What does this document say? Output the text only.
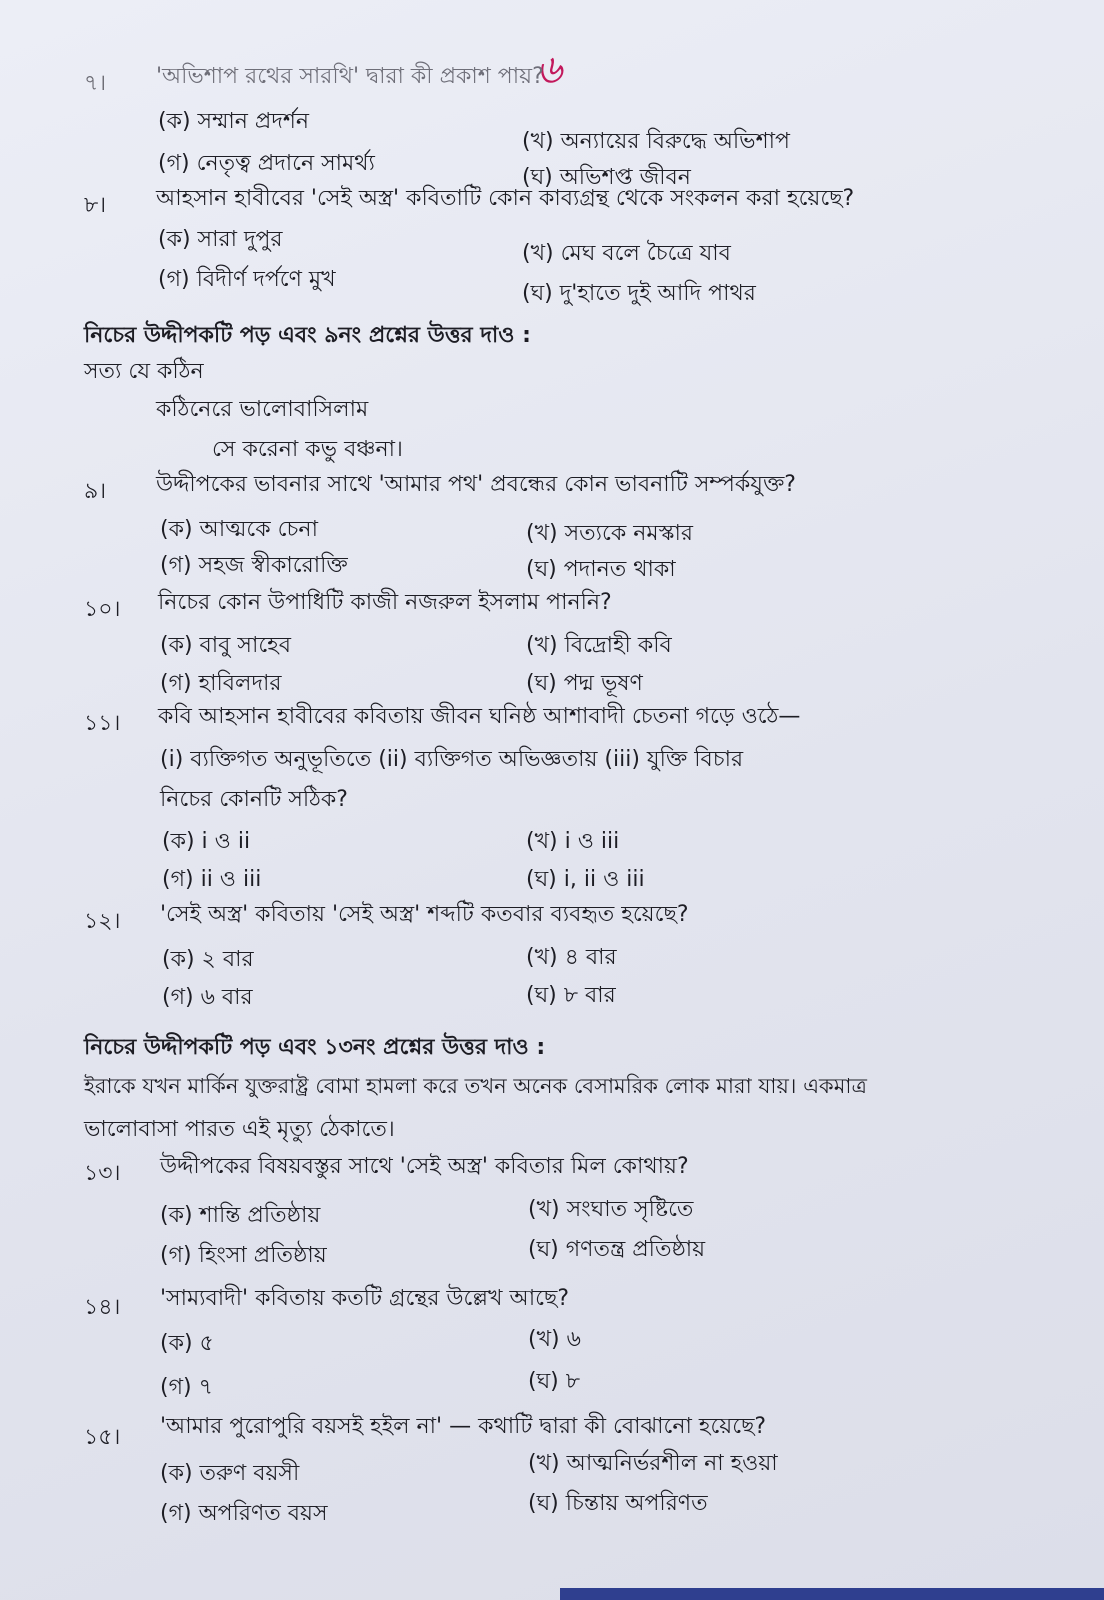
৬
৭। 'অভিশাপ রথের সারথি' দ্বারা কী প্রকাশ পায়?
(ক) সম্মান প্রদর্শন
(খ) অন্যায়ের বিরুদ্ধে অভিশাপ
(গ) নেতৃত্ব প্রদানে সামর্থ্য
(ঘ) অভিশপ্ত জীবন
৮। আহসান হাবীবের 'সেই অস্ত্র' কবিতাটি কোন কাব্যগ্রন্থ থেকে সংকলন করা হয়েছে?
(ক) সারা দুপুর
(খ) মেঘ বলে চৈত্রে যাব
(গ) বিদীর্ণ দর্পণে মুখ
(ঘ) দু'হাতে দুই আদি পাথর
নিচের উদ্দীপকটি পড় এবং ৯নং প্রশ্নের উত্তর দাও :
সত্য যে কঠিন
কঠিনেরে ভালোবাসিলাম
সে করেনা কভু বঞ্চনা।
৯। উদ্দীপকের ভাবনার সাথে 'আমার পথ' প্রবন্ধের কোন ভাবনাটি সম্পর্কযুক্ত?
(ক) আত্মকে চেনা	(খ) সত্যকে নমস্কার
(গ) সহজ স্বীকারোক্তি	(ঘ) পদানত থাকা
১০। নিচের কোন উপাধিটি কাজী নজরুল ইসলাম পাননি?
(ক) বাবু সাহেব	(খ) বিদ্রোহী কবি
(গ) হাবিলদার	(ঘ) পদ্ম ভূষণ
১১। কবি আহসান হাবীবের কবিতায় জীবন ঘনিষ্ঠ আশাবাদী চেতনা গড়ে ওঠে—
(i) ব্যক্তিগত অনুভূতিতে (ii) ব্যক্তিগত অভিজ্ঞতায় (iii) যুক্তি বিচার
নিচের কোনটি সঠিক?
(ক) i ও ii	(খ) i ও iii
(গ) ii ও iii	(ঘ) i, ii ও iii
১২। 'সেই অস্ত্র' কবিতায় 'সেই অস্ত্র' শব্দটি কতবার ব্যবহৃত হয়েছে?
(ক) ২ বার	(খ) ৪ বার
(গ) ৬ বার	(ঘ) ৮ বার
নিচের উদ্দীপকটি পড় এবং ১৩নং প্রশ্নের উত্তর দাও :
ইরাকে যখন মার্কিন যুক্তরাষ্ট্র বোমা হামলা করে তখন অনেক বেসামরিক লোক মারা যায়। একমাত্র
ভালোবাসা পারত এই মৃত্যু ঠেকাতে।
১৩। উদ্দীপকের বিষয়বস্তুর সাথে 'সেই অস্ত্র' কবিতার মিল কোথায়?
(ক) শান্তি প্রতিষ্ঠায়	(খ) সংঘাত সৃষ্টিতে
(গ) হিংসা প্রতিষ্ঠায়	(ঘ) গণতন্ত্র প্রতিষ্ঠায়
১৪। 'সাম্যবাদী' কবিতায় কতটি গ্রন্থের উল্লেখ আছে?
(ক) ৫	(খ) ৬
(গ) ৭	(ঘ) ৮
১৫। 'আমার পুরোপুরি বয়সই হইল না' — কথাটি দ্বারা কী বোঝানো হয়েছে?
(ক) তরুণ বয়সী	(খ) আত্মনির্ভরশীল না হওয়া
(গ) অপরিণত বয়স	(ঘ) চিন্তায় অপরিণত
